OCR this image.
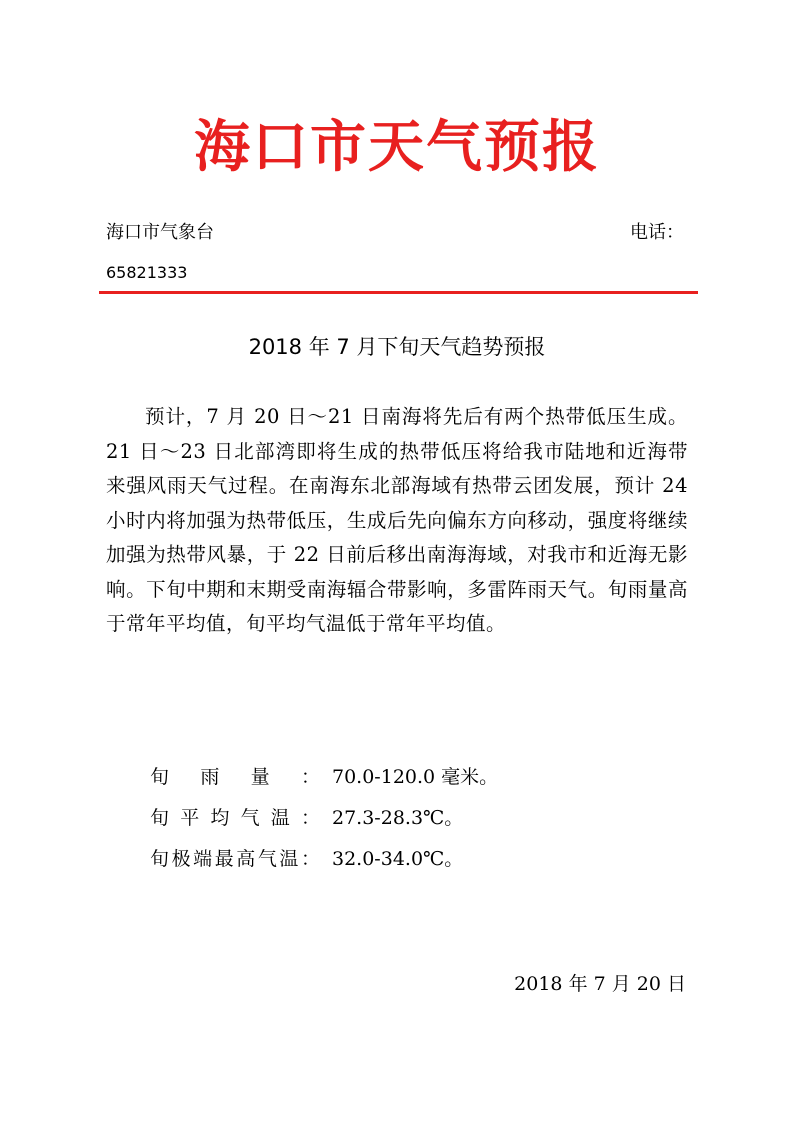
海口市天气预报
海口市气象台	电话：
65821333
2018 年 7 月下旬天气趋势预报

预计，7 月 20 日～21 日南海将先后有两个热带低压生成。21 日～23 日北部湾即将生成的热带低压将给我市陆地和近海带来强风雨天气过程。在南海东北部海域有热带云团发展，预计 24 小时内将加强为热带低压，生成后先向偏东方向移动，强度将继续加强为热带风暴，于 22 日前后移出南海海域，对我市和近海无影响。下旬中期和末期受南海辐合带影响，多雷阵雨天气。旬雨量高于常年平均值，旬平均气温低于常年平均值。

旬雨量： 70.0-120.0 毫米。
旬平均气温： 27.3-28.3℃。
旬极端最高气温： 32.0-34.0℃。
2018 年 7 月 20 日
